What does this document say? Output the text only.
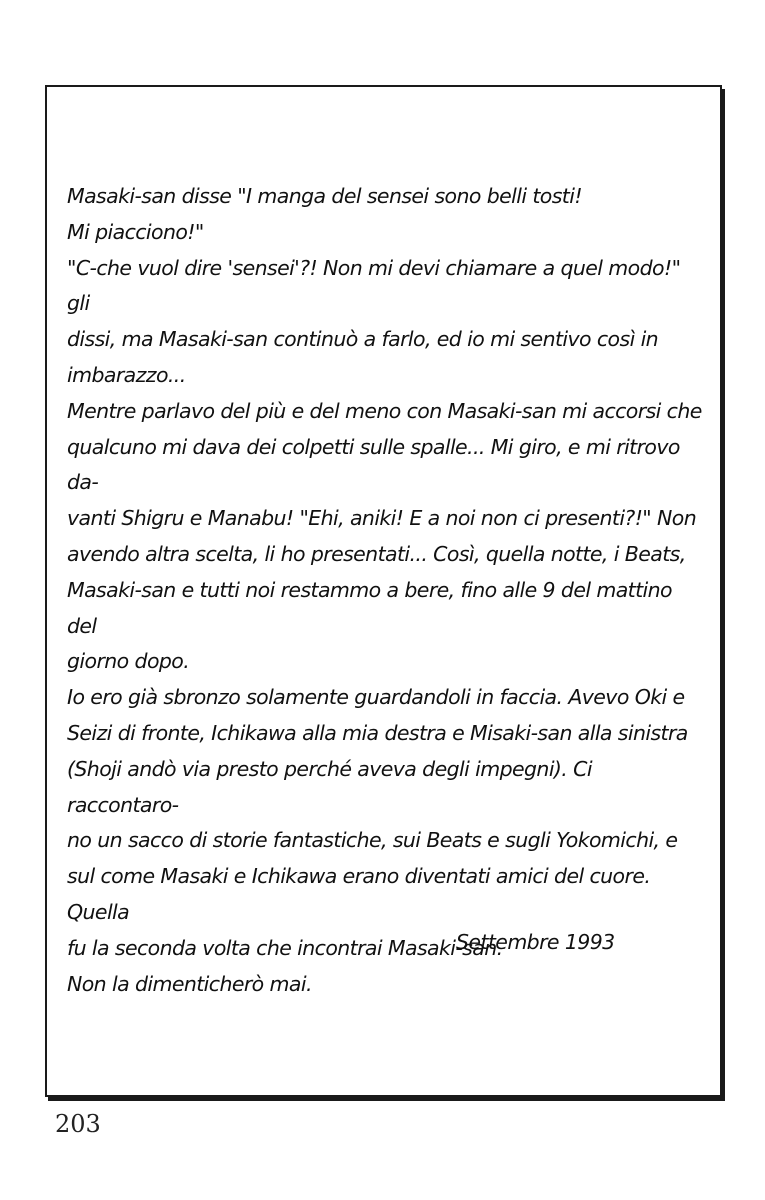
Masaki-san disse "I manga del sensei sono belli tosti!
Mi piacciono!"

"C-che vuol dire 'sensei'?! Non mi devi chiamare a quel modo!" gli
dissi, ma Masaki-san continuò a farlo, ed io mi sentivo così in
imbarazzo...

Mentre parlavo del più e del meno con Masaki-san mi accorsi che
qualcuno mi dava dei colpetti sulle spalle... Mi giro, e mi ritrovo da-
vanti Shigru e Manabu! "Ehi, aniki! E a noi non ci presenti?!" Non
avendo altra scelta, li ho presentati... Così, quella notte, i Beats,
Masaki-san e tutti noi restammo a bere, fino alle 9 del mattino del
giorno dopo.

Io ero già sbronzo solamente guardandoli in faccia. Avevo Oki e
Seizi di fronte, Ichikawa alla mia destra e Misaki-san alla sinistra
(Shoji andò via presto perché aveva degli impegni). Ci raccontaro-
no un sacco di storie fantastiche, sui Beats e sugli Yokomichi, e
sul come Masaki e Ichikawa erano diventati amici del cuore. Quella
fu la seconda volta che incontrai Masaki-san.

Non la dimenticherò mai.

Settembre 1993
203
